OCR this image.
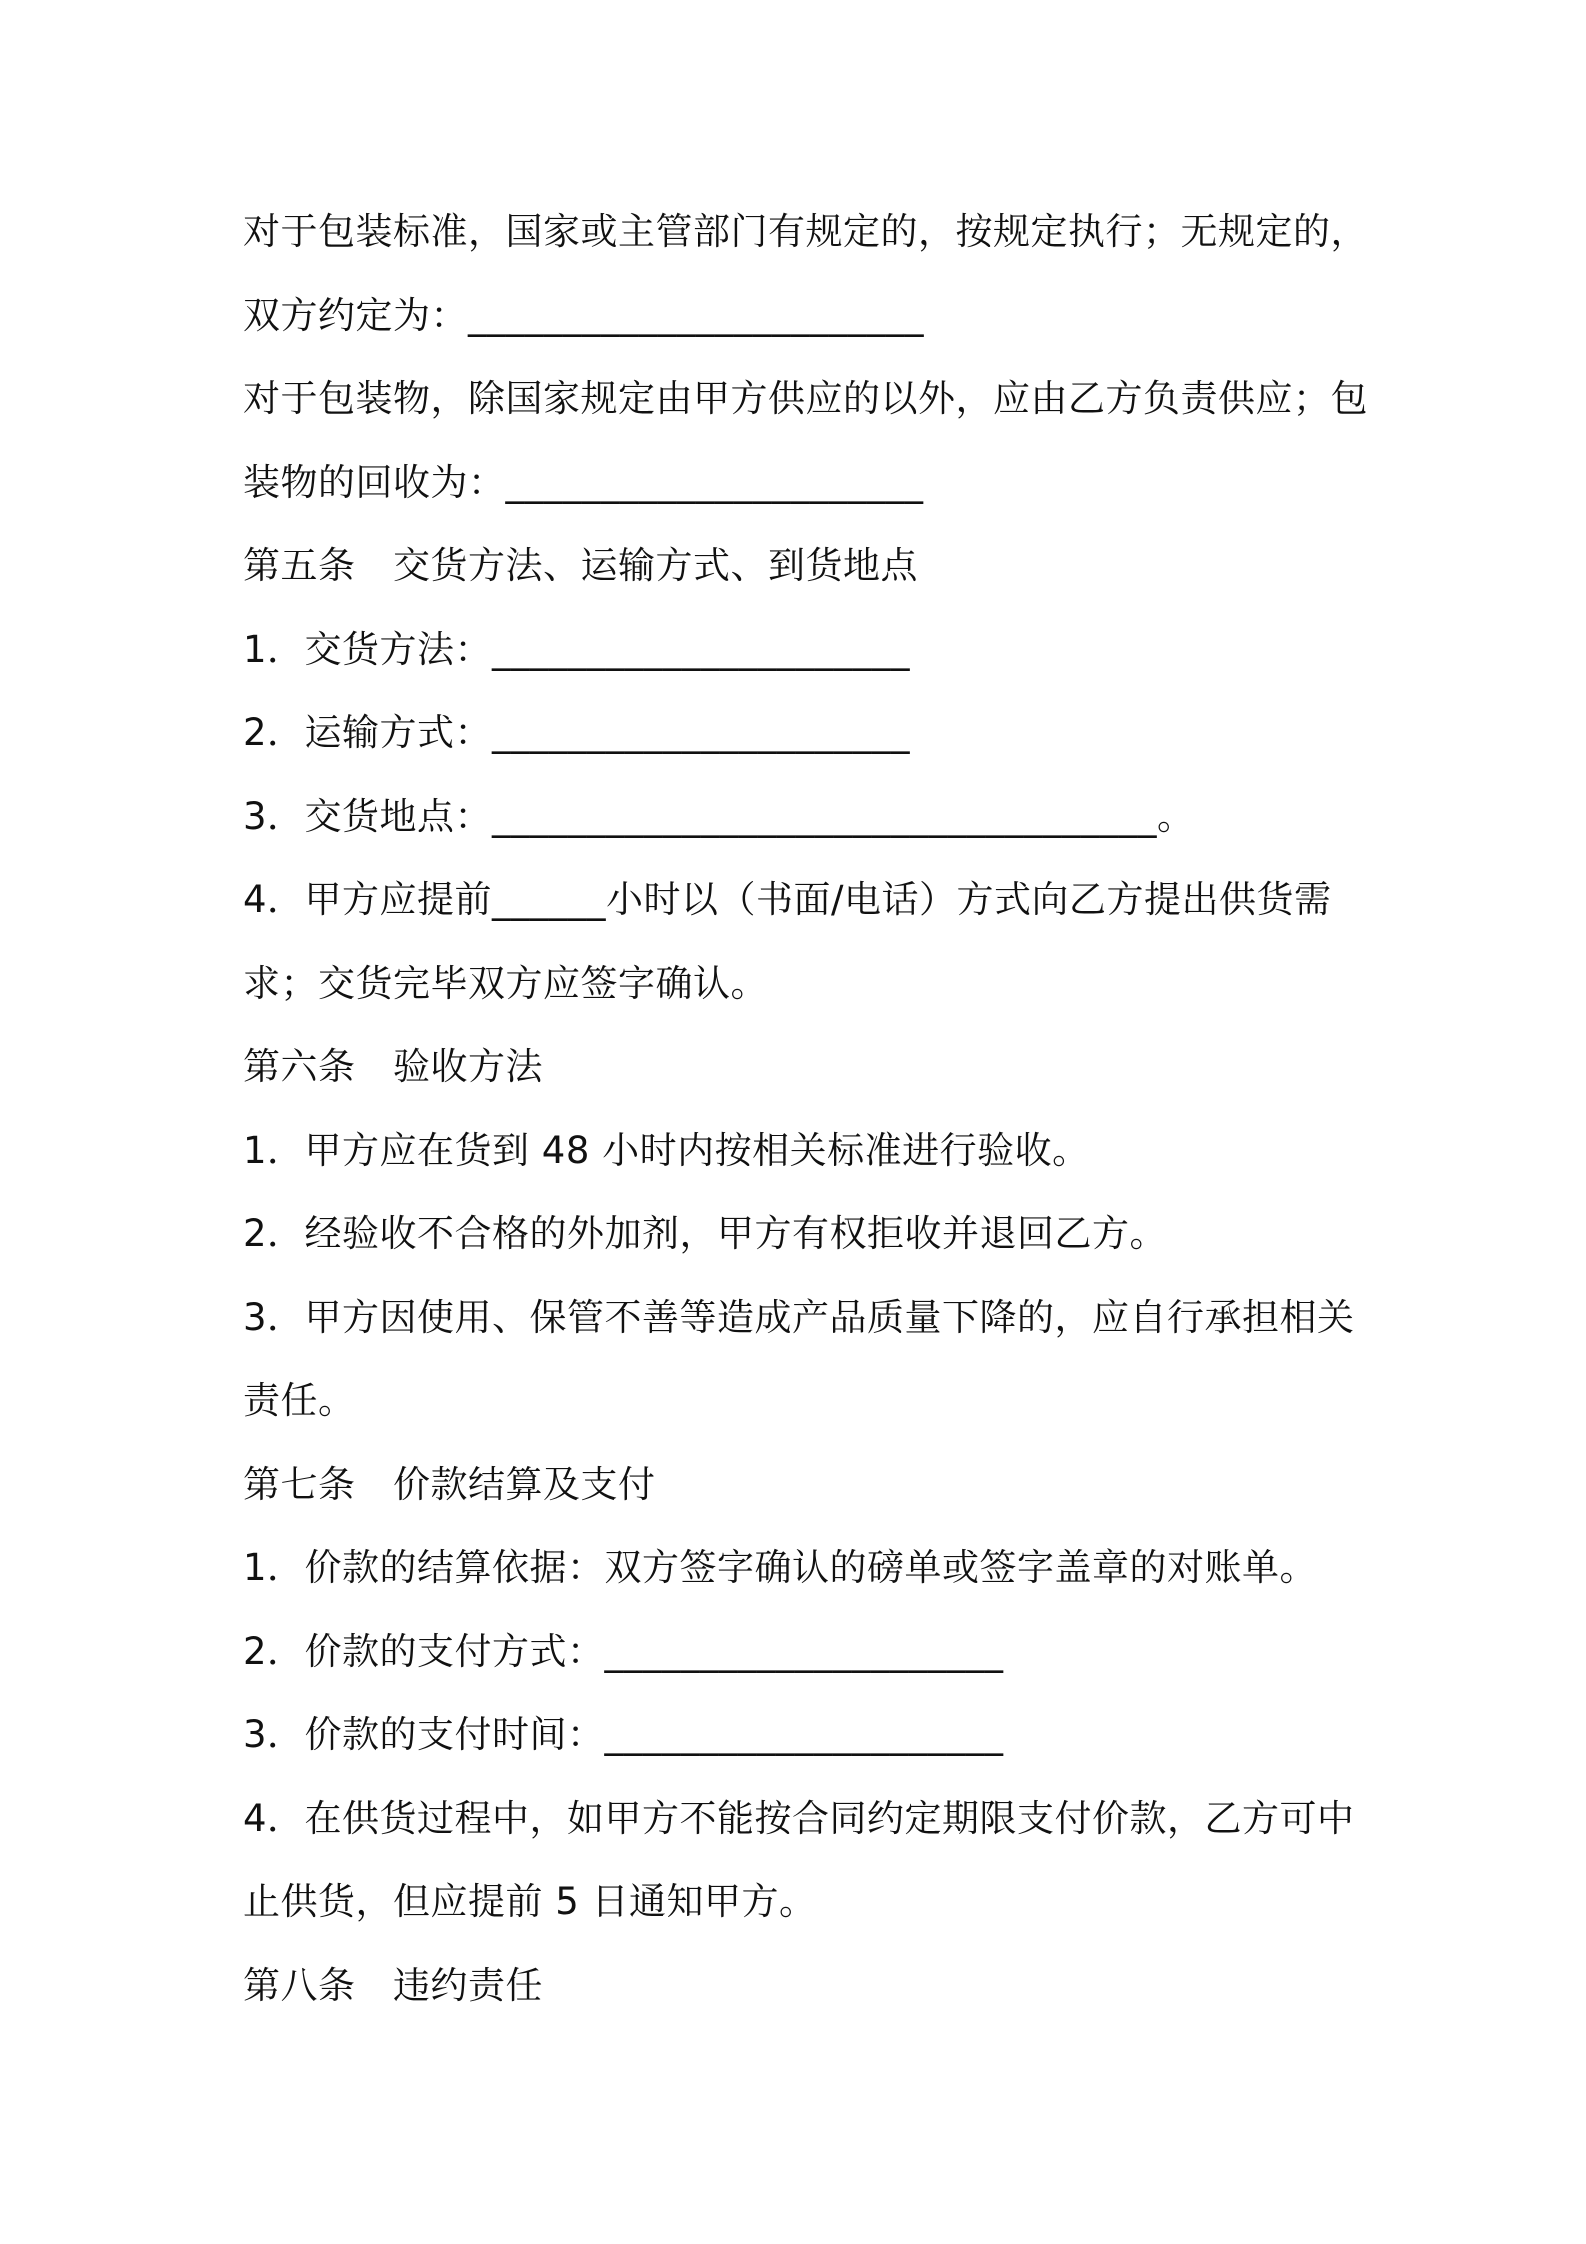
对于包装标准，国家或主管部门有规定的，按规定执行；无规定的，
双方约定为：________________________
对于包装物，除国家规定由甲方供应的以外，应由乙方负责供应；包
装物的回收为：______________________
第五条　交货方法、运输方式、到货地点
1．交货方法：______________________
2．运输方式：______________________
3．交货地点：___________________________________。
4．甲方应提前______小时以（书面/电话）方式向乙方提出供货需
求；交货完毕双方应签字确认。
第六条　验收方法
1．甲方应在货到 48 小时内按相关标准进行验收。
2．经验收不合格的外加剂，甲方有权拒收并退回乙方。
3．甲方因使用、保管不善等造成产品质量下降的，应自行承担相关
责任。
第七条　价款结算及支付
1．价款的结算依据：双方签字确认的磅单或签字盖章的对账单。
2．价款的支付方式：_____________________
3．价款的支付时间：_____________________
4．在供货过程中，如甲方不能按合同约定期限支付价款，乙方可中
止供货，但应提前 5 日通知甲方。
第八条　违约责任
